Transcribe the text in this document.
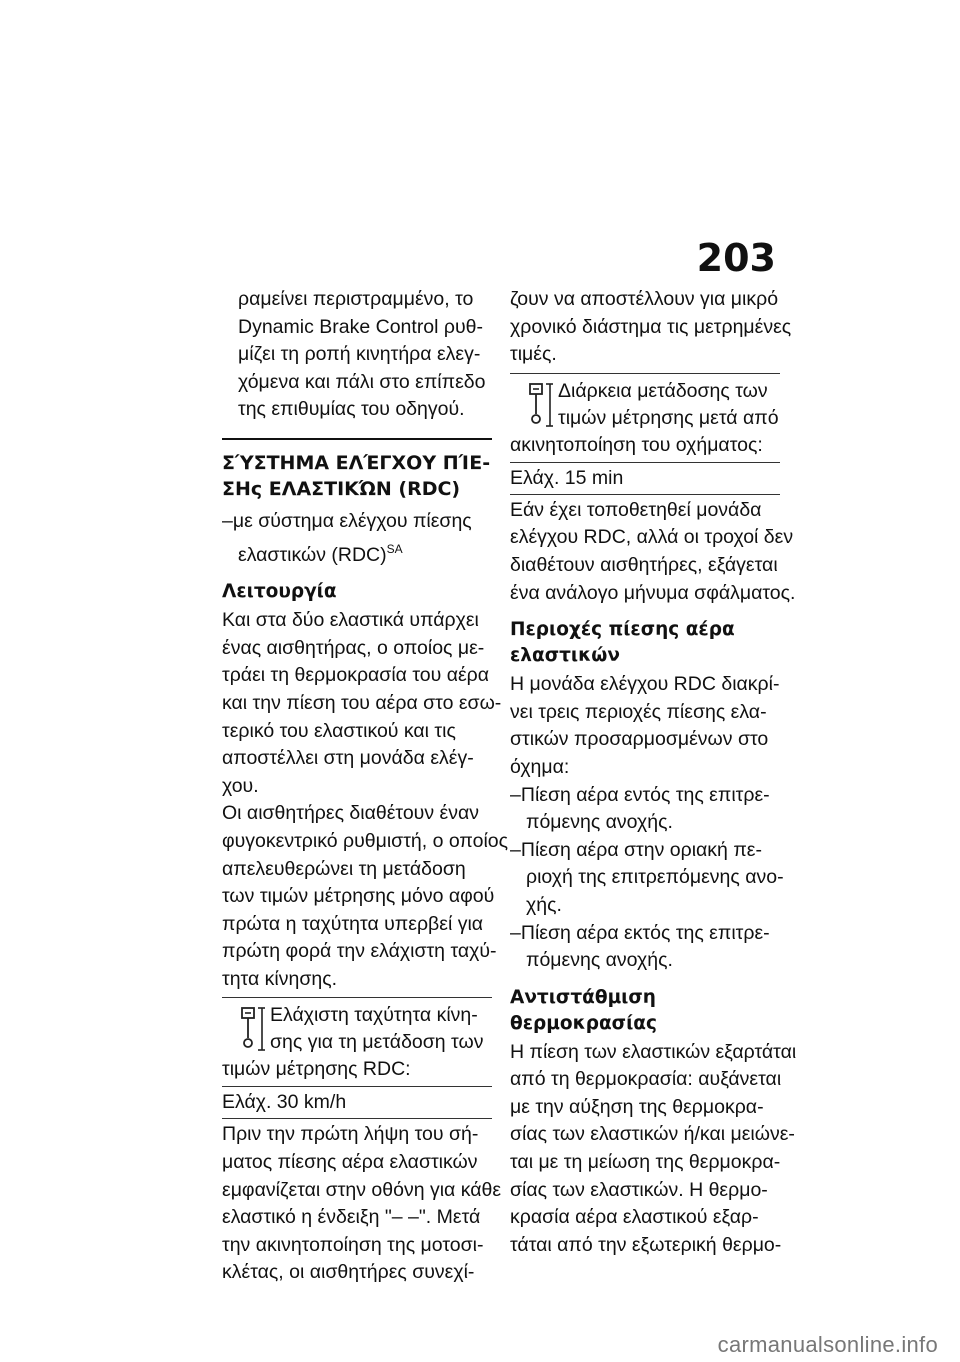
203
ραμείνει περιστραμμένο, το
Dynamic Brake Control ρυθ-
μίζει τη ροπή κινητήρα ελεγ-
χόμενα και πάλι στο επίπεδο
της επιθυμίας του οδηγού.
ΣΎΣΤΗΜΑ ΕΛΈΓΧΟΥ ΠΊΕ-
ΣΗς ΕΛΑΣΤΙΚΏΝ (RDC)
–με σύστημα ελέγχου πίεσης
ελαστικών (RDC)$^{SA}$
Λειτουργία
Και στα δύο ελαστικά υπάρχει
ένας αισθητήρας, ο οποίος με-
τράει τη θερμοκρασία του αέρα
και την πίεση του αέρα στο εσω-
τερικό του ελαστικού και τις
αποστέλλει στη μονάδα ελέγ-
χου.
Οι αισθητήρες διαθέτουν έναν
φυγοκεντρικό ρυθμιστή, ο οποίος
απελευθερώνει τη μετάδοση
των τιμών μέτρησης μόνο αφού
πρώτα η ταχύτητα υπερβεί για
πρώτη φορά την ελάχιστη ταχύ-
τητα κίνησης.
Ελάχιστη ταχύτητα κίνη-
σης για τη μετάδοση των
τιμών μέτρησης RDC:
Ελάχ. 30 km/h
Πριν την πρώτη λήψη του σή-
ματος πίεσης αέρα ελαστικών
εμφανίζεται στην οθόνη για κάθε
ελαστικό η ένδειξη "– –". Μετά
την ακινητοποίηση της μοτοσι-
κλέτας, οι αισθητήρες συνεχί-
ζουν να αποστέλλουν για μικρό
χρονικό διάστημα τις μετρημένες
τιμές.
Διάρκεια μετάδοσης των
τιμών μέτρησης μετά από
ακινητοποίηση του οχήματος:
Ελάχ. 15 min
Εάν έχει τοποθετηθεί μονάδα
ελέγχου RDC, αλλά οι τροχοί δεν
διαθέτουν αισθητήρες, εξάγεται
ένα ανάλογο μήνυμα σφάλματος.
Περιοχές πίεσης αέρα
ελαστικών
Η μονάδα ελέγχου RDC διακρί-
νει τρεις περιοχές πίεσης ελα-
στικών προσαρμοσμένων στο
όχημα:
–Πίεση αέρα εντός της επιτρε-
πόμενης ανοχής.
–Πίεση αέρα στην οριακή πε-
ριοχή της επιτρεπόμενης ανο-
χής.
–Πίεση αέρα εκτός της επιτρε-
πόμενης ανοχής.
Αντιστάθμιση θερμοκρασίας
Η πίεση των ελαστικών εξαρτάται
από τη θερμοκρασία: αυξάνεται
με την αύξηση της θερμοκρα-
σίας των ελαστικών ή/και μειώνε-
ται με τη μείωση της θερμοκρα-
σίας των ελαστικών. Η θερμο-
κρασία αέρα ελαστικού εξαρ-
τάται από την εξωτερική θερμο-
carmanualsonline.info
